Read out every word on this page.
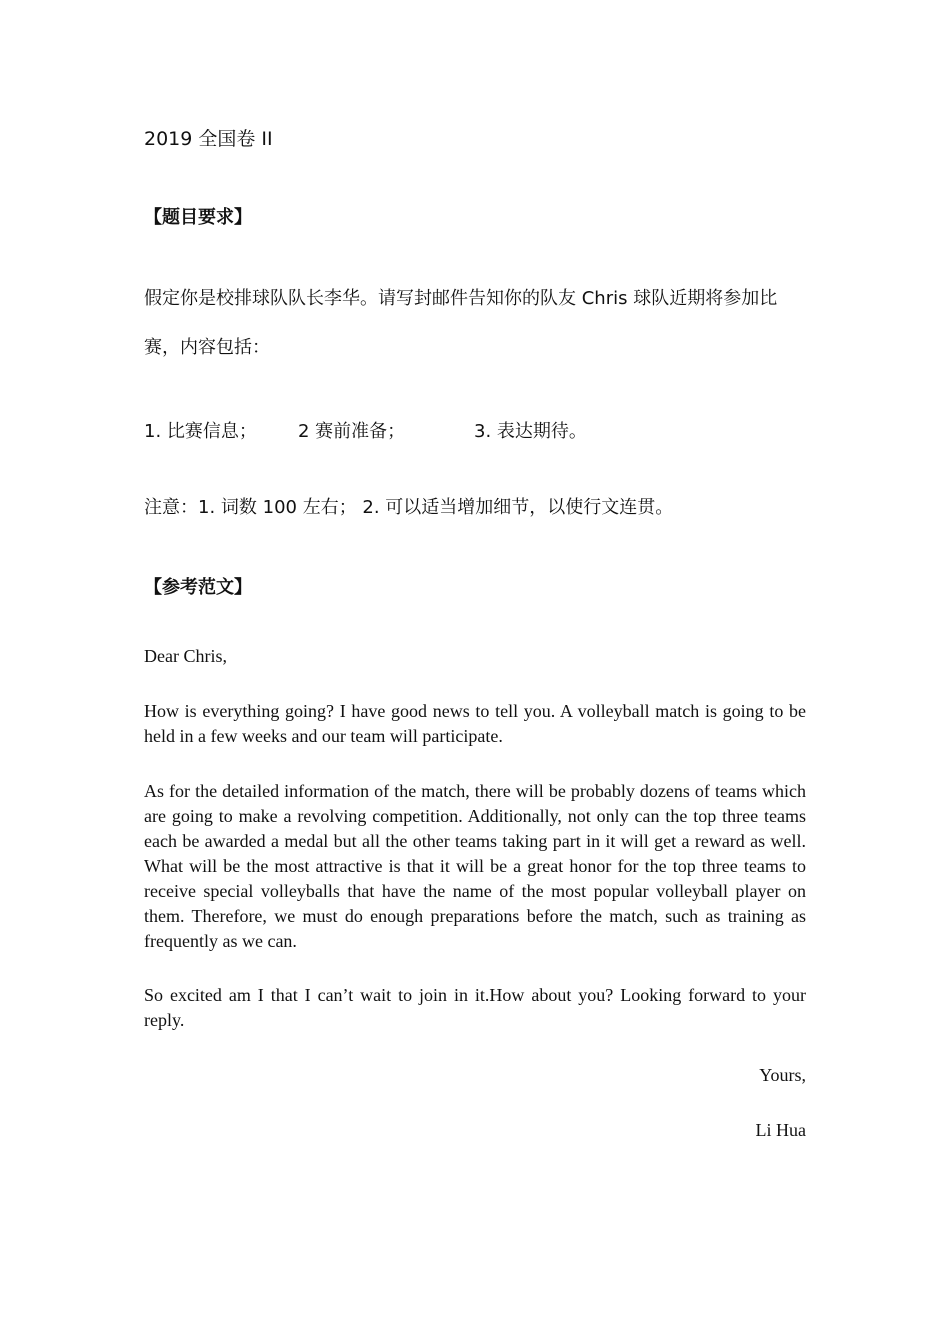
2019 全国卷 II
【题目要求】
假定你是校排球队队长李华。请写封邮件告知你的队友 Chris 球队近期将参加比
赛，内容包括：
1. 比赛信息； 2 赛前准备；	3. 表达期待。
注意：1. 词数 100 左右； 2. 可以适当增加细节，以使行文连贯。
【参考范文】
Dear Chris,
How is everything going? I have good news to tell you. A volleyball match is going to be held in a few weeks and our team will participate.
As for the detailed information of the match, there will be probably dozens of teams which are going to make a revolving competition. Additionally, not only can the top three teams each be awarded a medal but all the other teams taking part in it will get a reward as well. What will be the most attractive is that it will be a great honor for the top three teams to receive special volleyballs that have the name of the most popular volleyball player on them. Therefore, we must do enough preparations before the match, such as training as frequently as we can.
So excited am I that I can’t wait to join in it.How about you? Looking forward to your reply.
Yours,
Li Hua
